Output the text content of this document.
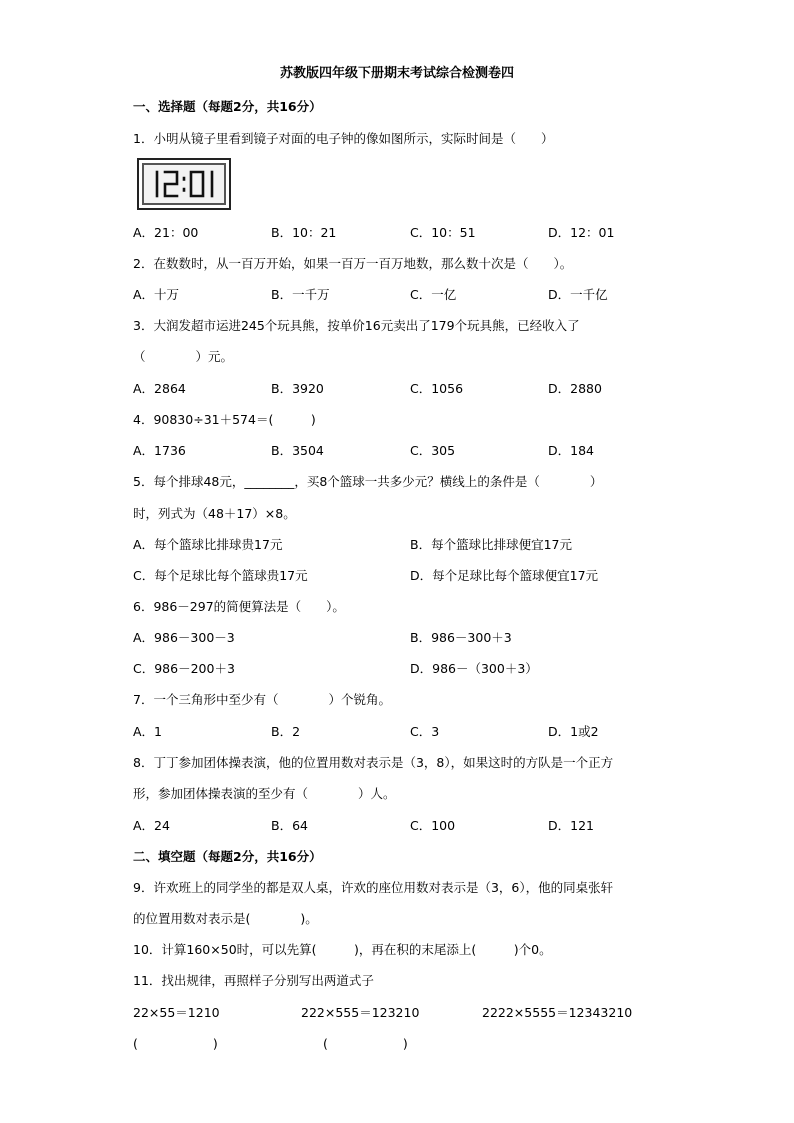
苏教版四年级下册期末考试综合检测卷四
一、选择题（每题2分，共16分）
1．小明从镜子里看到镜子对面的电子钟的像如图所示，实际时间是（　　）
A．21：00	B．10：21	C．10：51	D．12：01
2．在数数时，从一百万开始，如果一百万一百万地数，那么数十次是（　　）。
A．十万	B．一千万	C．一亿	D．一千亿
3．大润发超市运进245个玩具熊，按单价16元卖出了179个玩具熊，已经收入了
（　　　　）元。
A．2864	B．3920	C．1056	D．2880
4．90830÷31＋574＝(　　　)
A．1736	B．3504	C．305	D．184
5．每个排球48元，________，买8个篮球一共多少元？横线上的条件是（　　　　）
时，列式为（48＋17）×8。
A．每个篮球比排球贵17元	B．每个篮球比排球便宜17元
C．每个足球比每个篮球贵17元	D．每个足球比每个篮球便宜17元
6．986－297的简便算法是（　　）。
A．986－300－3	B．986－300＋3
C．986－200＋3	D．986－（300＋3）
7．一个三角形中至少有（　　　　）个锐角。
A．1	B．2	C．3	D．1或2
8．丁丁参加团体操表演，他的位置用数对表示是（3，8），如果这时的方队是一个正方
形，参加团体操表演的至少有（　　　　）人。
A．24	B．64	C．100	D．121
二、填空题（每题2分，共16分）
9．许欢班上的同学坐的都是双人桌，许欢的座位用数对表示是（3，6），他的同桌张轩
的位置用数对表示是(　　　　)。
10．计算160×50时，可以先算(　　　)，再在积的末尾添上(　　　)个0。
11．找出规律，再照样子分别写出两道式子
22×55＝1210	222×555＝123210	2222×5555＝12343210
(　　　　　　)	(　　　　　　)
